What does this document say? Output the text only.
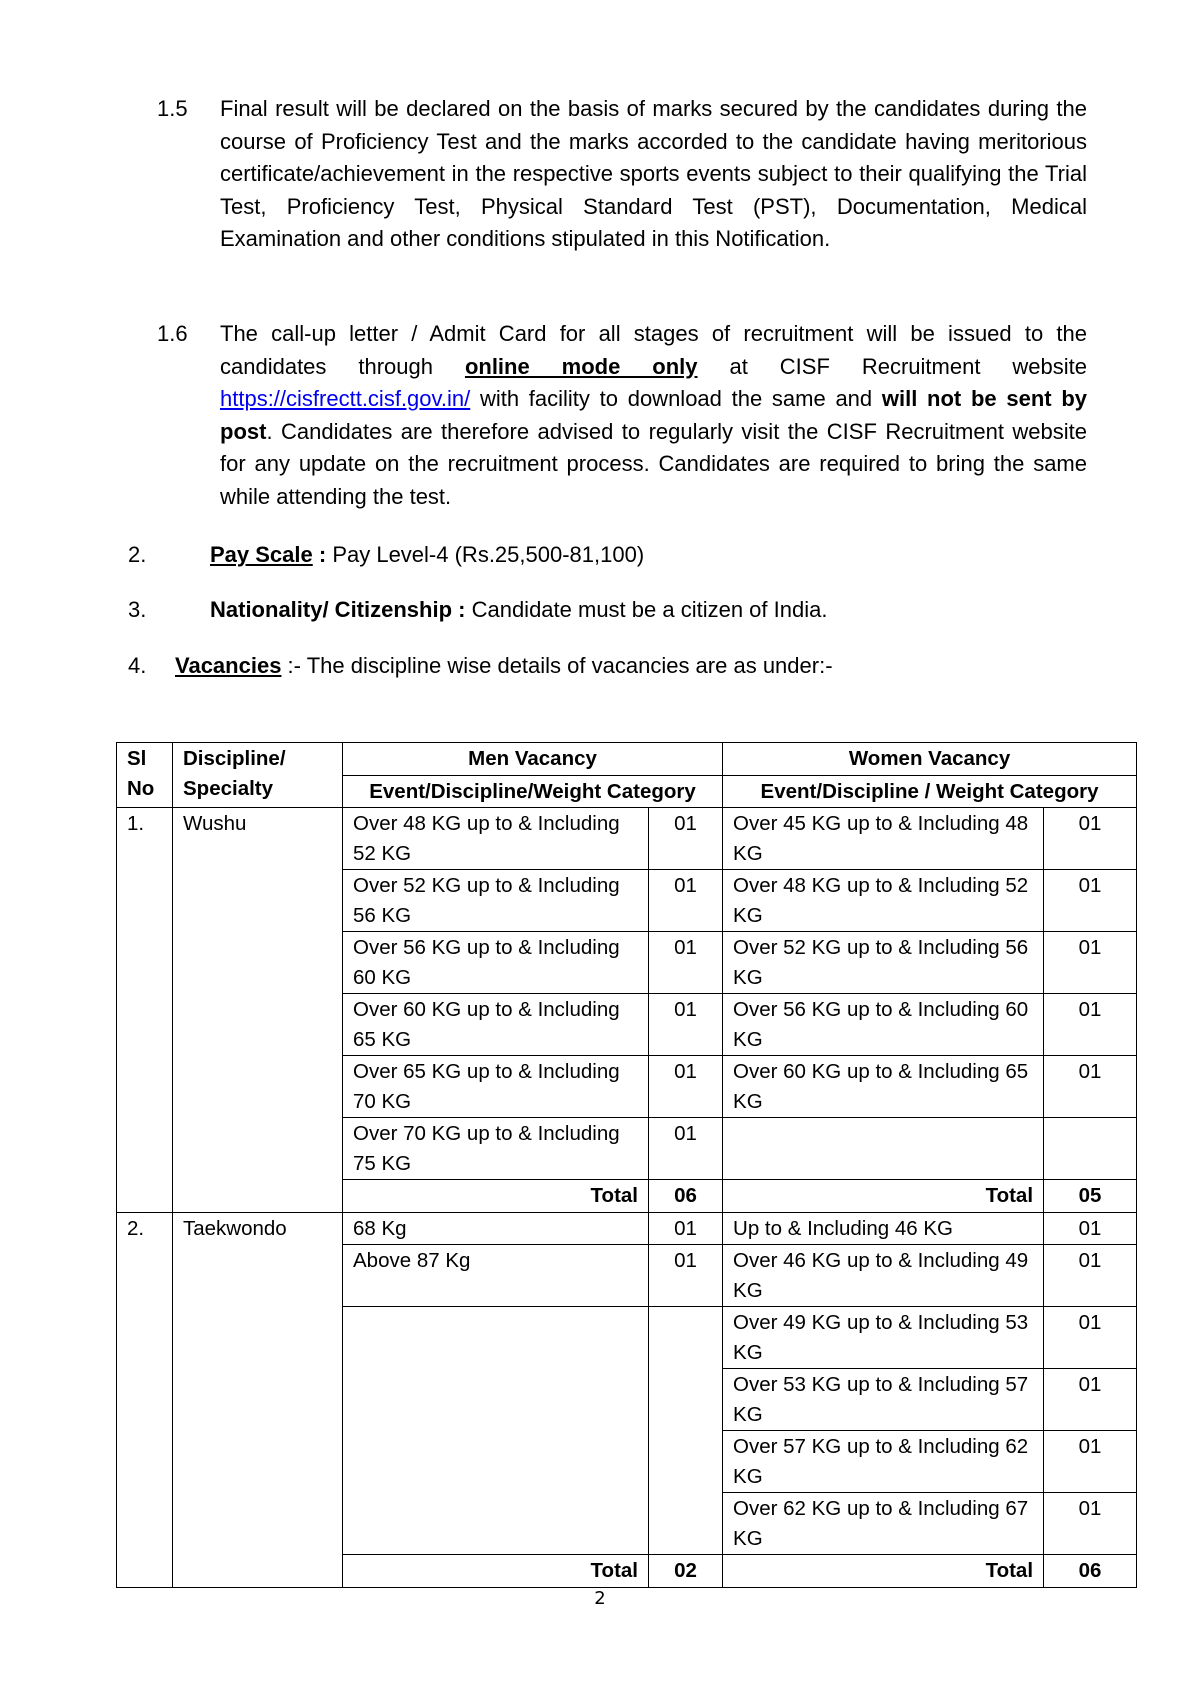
1.5 Final result will be declared on the basis of marks secured by the candidates during the course of Proficiency Test and the marks accorded to the candidate having meritorious certificate/achievement in the respective sports events subject to their qualifying the Trial Test, Proficiency Test, Physical Standard Test (PST), Documentation, Medical Examination and other conditions stipulated in this Notification.
1.6 The call-up letter / Admit Card for all stages of recruitment will be issued to the candidates through online mode only at CISF Recruitment website https://cisfrectt.cisf.gov.in/ with facility to download the same and will not be sent by post. Candidates are therefore advised to regularly visit the CISF Recruitment website for any update on the recruitment process. Candidates are required to bring the same while attending the test.
2.	Pay Scale : Pay Level-4 (Rs.25,500-81,100)
3.	Nationality/ Citizenship : Candidate must be a citizen of India.
4. Vacancies :- The discipline wise details of vacancies are as under:-
Sl No	Discipline/ Specialty	Men Vacancy		Women Vacancy	
		Event/Discipline/Weight Category		Event/Discipline / Weight Category	
1.	Wushu	Over 48 KG up to & Including 52 KG	01	Over 45 KG up to & Including 48 KG	01
		Over 52 KG up to & Including 56 KG	01	Over 48 KG up to & Including 52 KG	01
		Over 56 KG up to & Including 60 KG	01	Over 52 KG up to & Including 56 KG	01
		Over 60 KG up to & Including 65 KG	01	Over 56 KG up to & Including 60 KG	01
		Over 65 KG up to & Including 70 KG	01	Over 60 KG up to & Including 65 KG	01
		Over 70 KG up to & Including 75 KG	01		
		Total	06	Total	05
2.	Taekwondo	68 Kg	01	Up to & Including 46 KG	01
		Above 87 Kg	01	Over 46 KG up to & Including 49 KG	01
				Over 49 KG up to & Including 53 KG	01
				Over 53 KG up to & Including 57 KG	01
				Over 57 KG up to & Including 62 KG	01
				Over 62 KG up to & Including 67 KG	01
		Total	02	Total	06
2
